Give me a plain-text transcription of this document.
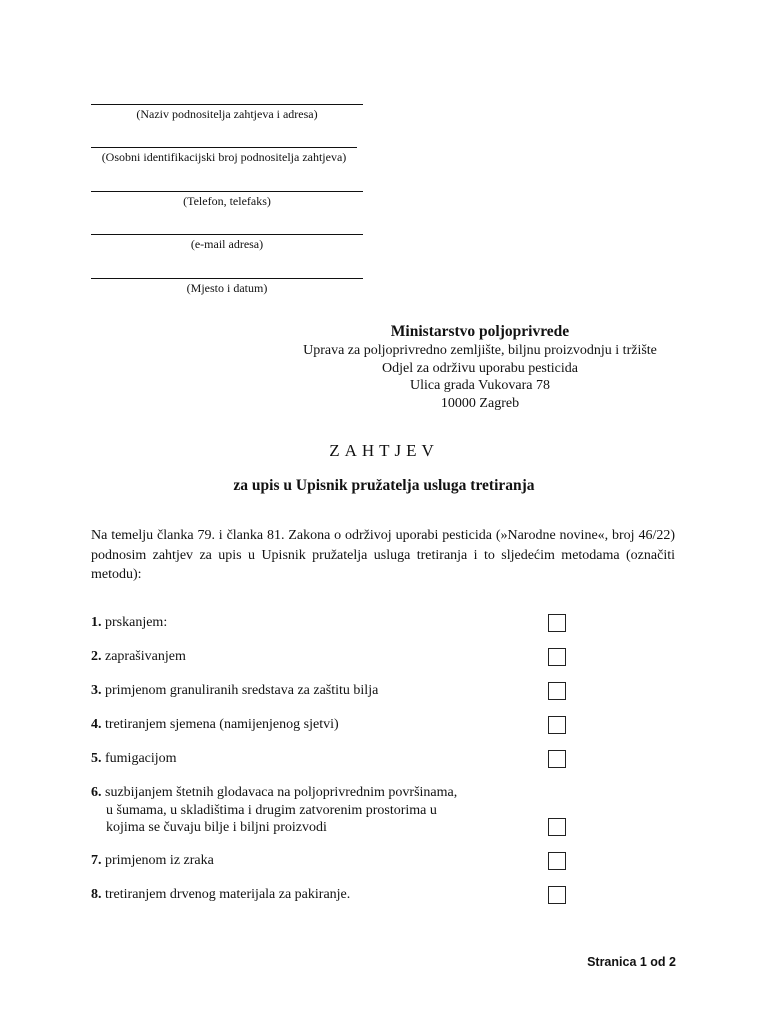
(Naziv podnositelja zahtjeva i adresa)
(Osobni identifikacijski broj podnositelja zahtjeva)
(Telefon, telefaks)
(e-mail adresa)
(Mjesto i datum)
Ministarstvo poljoprivrede
Uprava za poljoprivredno zemljište, biljnu proizvodnju i tržište
Odjel za održivu uporabu pesticida
Ulica grada Vukovara 78
10000 Zagreb
ZAHTJEV
za upis u Upisnik pružatelja usluga tretiranja
Na temelju članka 79. i članka 81. Zakona o održivoj uporabi pesticida (»Narodne novine«, broj 46/22) podnosim zahtjev za upis u Upisnik pružatelja usluga tretiranja i to sljedećim metodama (označiti metodu):
1. prskanjem:
2. zaprašivanjem
3. primjenom granuliranih sredstava za zaštitu bilja
4. tretiranjem sjemena (namijenjenog sjetvi)
5. fumigacijom
6. suzbijanjem štetnih glodavaca na poljoprivrednim površinama,
u šumama, u skladištima i drugim zatvorenim prostorima u
kojima se čuvaju bilje i biljni proizvodi
7. primjenom iz zraka
8. tretiranjem drvenog materijala za pakiranje.
Stranica 1 od 2
